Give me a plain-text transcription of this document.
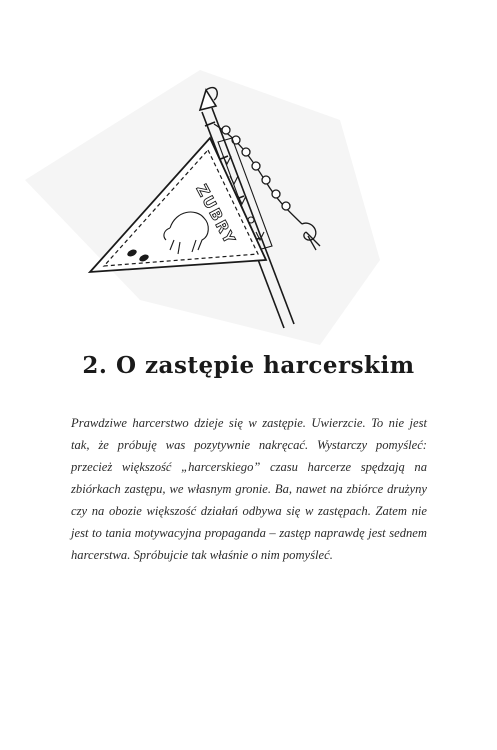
ZUBRY
2. O zastępie harcerskim

Prawdziwe harcerstwo dzieje się w zastępie. Uwierzcie. To nie jest tak, że próbuję was pozytywnie nakręcać. Wystarczy pomyśleć: przecież większość „harcerskiego” czasu harcerze spędzają na zbiórkach zastępu, we własnym gronie. Ba, nawet na zbiórce drużyny czy na obozie większość działań odbywa się w zastępach. Zatem nie jest to tania motywacyjna propaganda – zastęp naprawdę jest sednem harcerstwa. Spróbujcie tak właśnie o nim pomyśleć.
